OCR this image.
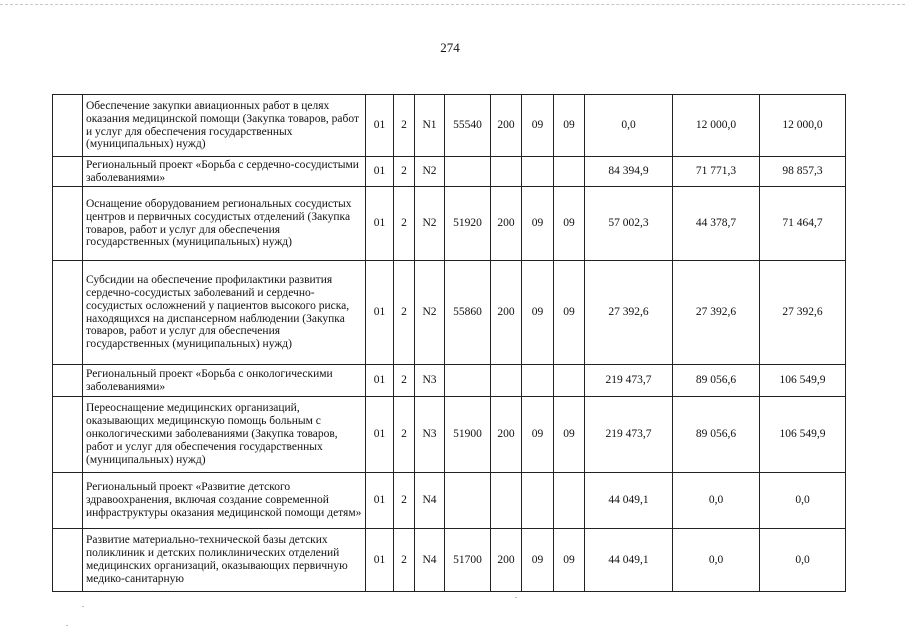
274
	Обеспечение закупки авиационных работ в целях оказания медицинской помощи (Закупка товаров, работ и услуг для обеспечения государственных (муниципальных) нужд)	01	2	N1	55540	200	09	09	0,0	12 000,0	12 000,0
	Региональный проект «Борьба с сердечно-сосудистыми заболеваниями»	01	2	N2					84 394,9	71 771,3	98 857,3
	Оснащение оборудованием региональных сосудистых центров и первичных сосудистых отделений (Закупка товаров, работ и услуг для обеспечения государственных (муниципальных) нужд)	01	2	N2	51920	200	09	09	57 002,3	44 378,7	71 464,7
	Субсидии на обеспечение профилактики развития сердечно-сосудистых заболеваний и сердечно-сосудистых осложнений у пациентов высокого риска, находящихся на диспансерном наблюдении (Закупка товаров, работ и услуг для обеспечения государственных (муниципальных) нужд)	01	2	N2	55860	200	09	09	27 392,6	27 392,6	27 392,6
	Региональный проект «Борьба с онкологическими заболеваниями»	01	2	N3					219 473,7	89 056,6	106 549,9
	Переоснащение медицинских организаций, оказывающих медицинскую помощь больным с онкологическими заболеваниями (Закупка товаров, работ и услуг для обеспечения государственных (муниципальных) нужд)	01	2	N3	51900	200	09	09	219 473,7	89 056,6	106 549,9
	Региональный проект «Развитие детского здравоохранения, включая создание современной инфраструктуры оказания медицинской помощи детям»	01	2	N4					44 049,1	0,0	0,0
	Развитие материально-технической базы детских поликлиник и детских поликлинических отделений медицинских организаций, оказывающих первичную медико-санитарную	01	2	N4	51700	200	09	09	44 049,1	0,0	0,0
